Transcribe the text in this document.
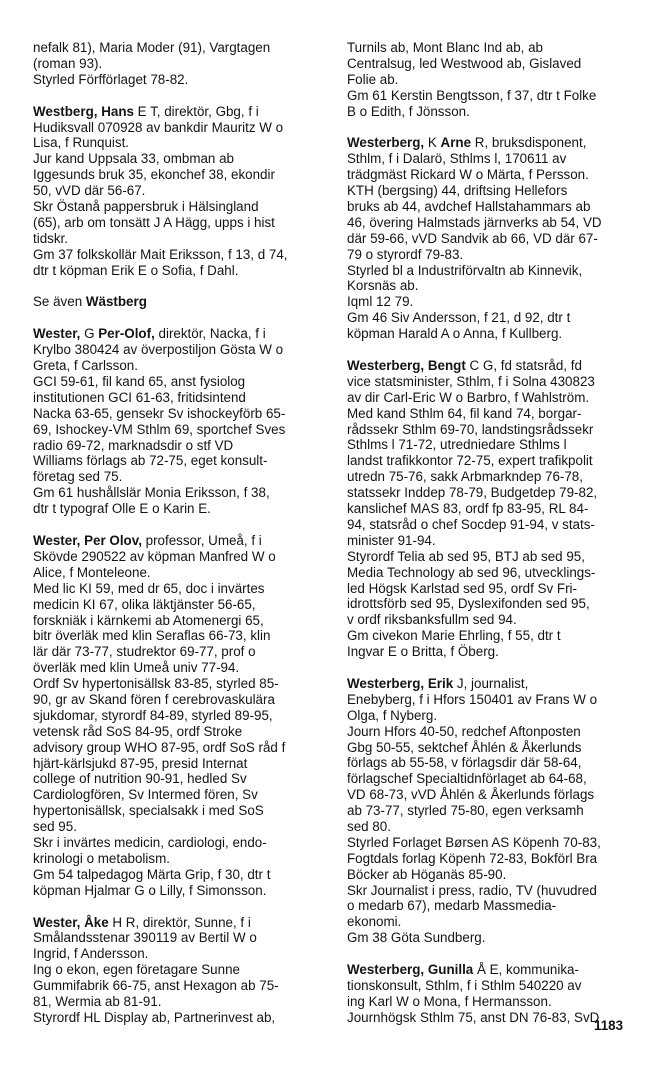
nefalk 81), Maria Moder (91), Vargtagen
(roman 93).
Styrled Förfförlaget 78-82.
Westberg, Hans E T, direktör, Gbg, f i
Hudiksvall 070928 av bankdir Mauritz W o
Lisa, f Runquist.
Jur kand Uppsala 33, ombman ab
Iggesunds bruk 35, ekonchef 38, ekondir
50, vVD där 56-67.
Skr Östanå pappersbruk i Hälsingland
(65), arb om tonsätt J A Hägg, upps i hist
tidskr.
Gm 37 folkskollär Mait Eriksson, f 13, d 74,
dtr t köpman Erik E o Sofia, f Dahl.
Se även Wästberg
Wester, G Per-Olof, direktör, Nacka, f i
Krylbo 380424 av överpostiljon Gösta W o
Greta, f Carlsson.
GCI 59-61, fil kand 65, anst fysiolog
institutionen GCI 61-63, fritidsintend
Nacka 63-65, gensekr Sv ishockeyförb 65-
69, Ishockey-VM Sthlm 69, sportchef Sves
radio 69-72, marknadsdir o stf VD
Williams förlags ab 72-75, eget konsult-
företag sed 75.
Gm 61 hushållslär Monia Eriksson, f 38,
dtr t typograf Olle E o Karin E.
Wester, Per Olov, professor, Umeå, f i
Skövde 290522 av köpman Manfred W o
Alice, f Monteleone.
Med lic KI 59, med dr 65, doc i invärtes
medicin KI 67, olika läktjänster 56-65,
forskniäk i kärnkemi ab Atomenergi 65,
bitr överläk med klin Seraflas 66-73, klin
lär där 73-77, studrektor 69-77, prof o
överläk med klin Umeå univ 77-94.
Ordf Sv hypertonisällsk 83-85, styrled 85-
90, gr av Skand fören f cerebrovaskulära
sjukdomar, styrordf 84-89, styrled 89-95,
vetensk råd SoS 84-95, ordf Stroke
advisory group WHO 87-95, ordf SoS råd f
hjärt-kärlsjukd 87-95, presid Internat
college of nutrition 90-91, hedled Sv
Cardiologfören, Sv Intermed fören, Sv
hypertonisällsk, specialsakk i med SoS
sed 95.
Skr i invärtes medicin, cardiologi, endo-
krinologi o metabolism.
Gm 54 talpedagog Märta Grip, f 30, dtr t
köpman Hjalmar G o Lilly, f Simonsson.
Wester, Åke H R, direktör, Sunne, f i
Smålandsstenar 390119 av Bertil W o
Ingrid, f Andersson.
Ing o ekon, egen företagare Sunne
Gummifabrik 66-75, anst Hexagon ab 75-
81, Wermia ab 81-91.
Styrordf HL Display ab, Partnerinvest ab,
Turnils ab, Mont Blanc Ind ab, ab
Centralsug, led Westwood ab, Gislaved
Folie ab.
Gm 61 Kerstin Bengtsson, f 37, dtr t Folke
B o Edith, f Jönsson.
Westerberg, K Arne R, bruksdisponent,
Sthlm, f i Dalarö, Sthlms l, 170611 av
trädgmäst Rickard W o Märta, f Persson.
KTH (bergsing) 44, driftsing Hellefors
bruks ab 44, avdchef Hallstahammars ab
46, övering Halmstads järnverks ab 54, VD
där 59-66, vVD Sandvik ab 66, VD där 67-
79 o styrordf 79-83.
Styrled bl a Industriförvaltn ab Kinnevik,
Korsnäs ab.
Iqml 12 79.
Gm 46 Siv Andersson, f 21, d 92, dtr t
köpman Harald A o Anna, f Kullberg.
Westerberg, Bengt C G, fd statsråd, fd
vice statsminister, Sthlm, f i Solna 430823
av dir Carl-Eric W o Barbro, f Wahlström.
Med kand Sthlm 64, fil kand 74, borgar-
rådssekr Sthlm 69-70, landstingsrådssekr
Sthlms l 71-72, utredniedare Sthlms l
landst trafikkontor 72-75, expert trafikpolit
utredn 75-76, sakk Arbmarkndep 76-78,
statssekr Inddep 78-79, Budgetdep 79-82,
kanslichef MAS 83, ordf fp 83-95, RL 84-
94, statsråd o chef Socdep 91-94, v stats-
minister 91-94.
Styrordf Telia ab sed 95, BTJ ab sed 95,
Media Technology ab sed 96, utvecklings-
led Högsk Karlstad sed 95, ordf Sv Fri-
idrottsförb sed 95, Dyslexifonden sed 95,
v ordf riksbanksfullm sed 94.
Gm civekon Marie Ehrling, f 55, dtr t
Ingvar E o Britta, f Öberg.
Westerberg, Erik J, journalist,
Enebyberg, f i Hfors 150401 av Frans W o
Olga, f Nyberg.
Journ Hfors 40-50, redchef Aftonposten
Gbg 50-55, sektchef Åhlén & Åkerlunds
förlags ab 55-58, v förlagsdir där 58-64,
förlagschef Specialtidnförlaget ab 64-68,
VD 68-73, vVD Åhlén & Åkerlunds förlags
ab 73-77, styrled 75-80, egen verksamh
sed 80.
Styrled Forlaget Børsen AS Köpenh 70-83,
Fogtdals forlag Köpenh 72-83, Bokförl Bra
Böcker ab Höganäs 85-90.
Skr Journalist i press, radio, TV (huvudred
o medarb 67), medarb Massmedia-
ekonomi.
Gm 38 Göta Sundberg.
Westerberg, Gunilla Å E, kommunika-
tionskonsult, Sthlm, f i Sthlm 540220 av
ing Karl W o Mona, f Hermansson.
Journhögsk Sthlm 75, anst DN 76-83, SvD
1183
